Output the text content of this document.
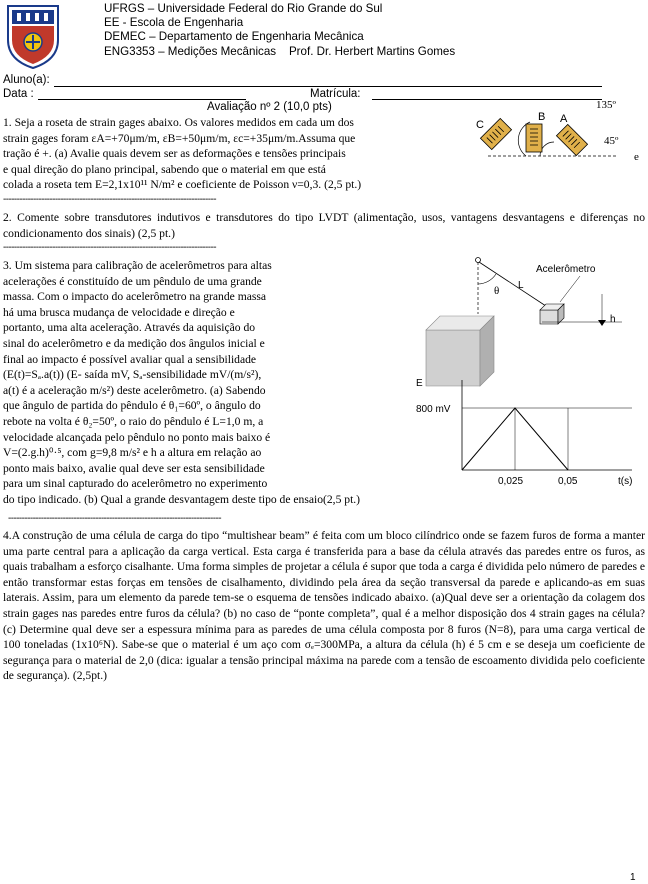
UFRGS – Universidade Federal do Rio Grande do Sul
EE - Escola de Engenharia
DEMEC – Departamento de Engenharia Mecânica
ENG3353 – Medições Mecânicas    Prof. Dr. Herbert Martins Gomes
Aluno(a):
Data :	Matrícula:
Avaliação nº 2 (10,0 pts)
1. Seja a roseta de strain gages abaixo. Os valores medidos em cada um dos
strain gages foram εA=+70μm/m, εB=+50μm/m, εc=+35μm/m.Assuma que
tração é +. (a) Avalie quais devem ser as deformações e tensões principais
e qual direção do plano principal, sabendo que o material em que está
colada a roseta tem E=2,1x10¹¹ N/m² e coeficiente de Poisson ν=0,3. (2,5 pt.)
C
B A
135º
45º
e
------------------------------------------------------------------------------
2. Comente sobre transdutores indutivos e transdutores do tipo LVDT (alimentação, usos, vantagens desvantagens e diferenças no condicionamento dos sinais) (2,5 pt.)
------------------------------------------------------------------------------
3. Um sistema para calibração de acelerômetros para altas
acelerações é constituído de um pêndulo de uma grande
massa. Com o impacto do acelerômetro na grande massa
há uma brusca mudança de velocidade e direção e
portanto, uma alta aceleração. Através da aquisição do
sinal do acelerômetro e da medição dos ângulos inicial e
final ao impacto é possível avaliar qual a sensibilidade
(E(t)=Sₐ.a(t)) (E- saída mV, Sₐ-sensibilidade mV/(m/s²),
a(t) é a aceleração m/s²) deste acelerômetro. (a) Sabendo
que ângulo de partida do pêndulo é θ₁=60º, o ângulo do
rebote na volta é θ₂=50º, o raio do pêndulo é L=1,0 m, a
velocidade alcançada pelo pêndulo no ponto mais baixo é
V=(2.g.h)⁰·⁵, com g=9,8 m/s² e h a altura em relação ao
ponto mais baixo, avalie qual deve ser esta sensibilidade
para um sinal capturado do acelerômetro no experimento
do tipo indicado. (b) Qual a grande desvantagem deste tipo de ensaio(2,5 pt.)
θ L
Acelerômetro
h
E
800 mV
0,025	0,05	t(s)
------------------------------------------------------------------------------
4.A construção de uma célula de carga do tipo “multishear beam” é feita com um bloco cilíndrico onde se fazem furos de forma a manter uma parte central para a aplicação da carga vertical. Esta carga é transferida para a base da célula através das paredes entre os furos, as quais trabalham a esforço cisalhante. Uma forma simples de projetar a célula é supor que toda a carga é dividida pelo número de paredes e então transformar estas forças em tensões de cisalhamento, dividindo pela área da seção transversal da parede e aplicando-as em suas laterais. Assim, para um elemento da parede tem-se o esquema de tensões indicado abaixo. (a)Qual deve ser a orientação da colagem dos strain gages nas paredes entre furos da célula? (b) no caso de “ponte completa”, qual é a melhor disposição dos 4 strain gages na célula? (c) Determine qual deve ser a espessura mínima para as paredes de uma célula composta por 8 furos (N=8), para uma carga vertical de 100 toneladas (1x10⁶N). Sabe-se que o material é um aço com σₑ=300MPa, a altura da célula (h) é 5 cm e se deseja um coeficiente de segurança para o material de 2,0 (dica: igualar a tensão principal máxima na parede com a tensão de escoamento dividida pelo coeficiente de segurança). (2,5pt.)
1
